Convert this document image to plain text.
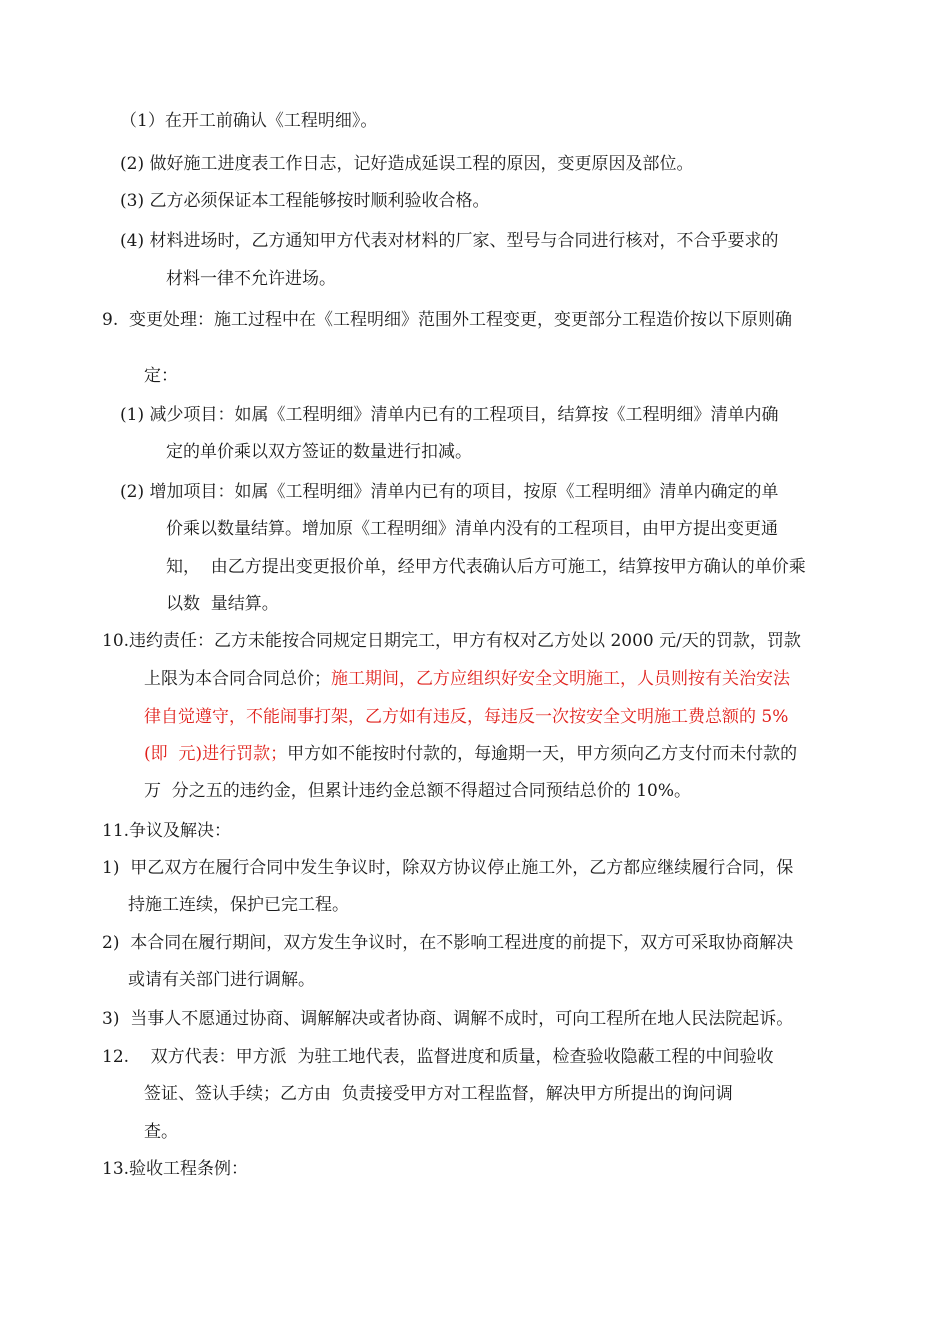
（1）在开工前确认《工程明细》。
(2) 做好施工进度表工作日志，记好造成延误工程的原因，变更原因及部位。
(3) 乙方必须保证本工程能够按时顺利验收合格。
(4) 材料进场时，乙方通知甲方代表对材料的厂家、型号与合同进行核对，不合乎要求的
材料一律不允许进场。
9.  变更处理：施工过程中在《工程明细》范围外工程变更，变更部分工程造价按以下原则确
定：
(1) 减少项目：如属《工程明细》清单内已有的工程项目，结算按《工程明细》清单内确
定的单价乘以双方签证的数量进行扣减。
(2) 增加项目：如属《工程明细》清单内已有的项目，按原《工程明细》清单内确定的单
价乘以数量结算。增加原《工程明细》清单内没有的工程项目，由甲方提出变更通
知，  由乙方提出变更报价单，经甲方代表确认后方可施工，结算按甲方确认的单价乘
以数  量结算。
10.违约责任：乙方未能按合同规定日期完工，甲方有权对乙方处以 2000 元/天的罚款，罚款
上限为本合同合同总价；施工期间，乙方应组织好安全文明施工，人员则按有关治安法
律自觉遵守，不能闹事打架，乙方如有违反，每违反一次按安全文明施工费总额的 5%
(即  元)进行罚款；甲方如不能按时付款的，每逾期一天，甲方须向乙方支付而未付款的
万  分之五的违约金，但累计违约金总额不得超过合同预结总价的 10%。
11.争议及解决：
1)  甲乙双方在履行合同中发生争议时，除双方协议停止施工外，乙方都应继续履行合同，保
持施工连续，保护已完工程。
2)  本合同在履行期间，双方发生争议时，在不影响工程进度的前提下，双方可采取协商解决
或请有关部门进行调解。
3)  当事人不愿通过协商、调解解决或者协商、调解不成时，可向工程所在地人民法院起诉。
12.    双方代表：甲方派  为驻工地代表，监督进度和质量，检查验收隐蔽工程的中间验收
签证、签认手续；乙方由  负责接受甲方对工程监督，解决甲方所提出的询问调
查。
13.验收工程条例：
